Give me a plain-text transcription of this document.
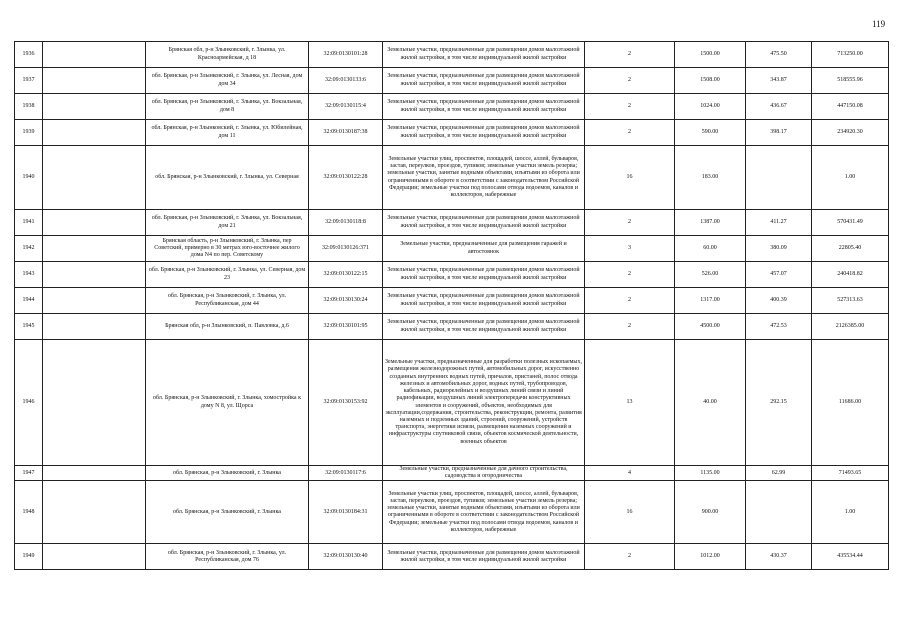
119
1936		Брянская обл, р-н Злынковский, г. Злынка, ул. Красноармейская, д 18	32:09:0130101:28	Земельные участки, предназначенные для размещения домов малоэтажной жилой застройки, в том числе индивидуальной жилой застройки	2	1500.00	475.50	713250.00
1937		обл. Брянская, р-н Злынковский, г. Злынка, ул. Лесная, дом дом 34	32:09:0130133:6	Земельные участки, предназначенные для размещения домов малоэтажной жилой застройки, в том числе индивидуальной жилой застройки	2	1508.00	343.87	518555.96
1938		обл. Брянская, р-н Злынковский, г. Злынка, ул. Вокзальная, дом 8	32:09:0130115:4	Земельные участки, предназначенные для размещения домов малоэтажной жилой застройки, в том числе индивидуальной жилой застройки	2	1024.00	436.67	447150.08
1939		обл. Брянская, р-н Злынковский, г. Злынка, ул. Юбилейная, дом 11	32:09:0130187:38	Земельные участки, предназначенные для размещения домов малоэтажной жилой застройки, в том числе индивидуальной жилой застройки	2	590.00	398.17	234920.30
1940		обл. Брянская, р-н Злынковский, г. Злынка, ул. Северная	32:09:0130122:28	Земельные участки улиц, проспектов, площадей, шоссе, аллей, бульваров, застав, переулков, проездов, тупиков; земельные участки земель резерва; земельные участки, занятые водными объектами, изъятыми из оборота или ограниченными в обороте в соответствии с законодательством Российской Федерации; земельные участки под полосами отвода водоемов, каналов и коллекторов, набережные	16	183.00		1.00
1941		обл. Брянская, р-н Злынковский, г. Злынка, ул. Вокзальная, дом 21	32:09:0130118:8	Земельные участки, предназначенные для размещения домов малоэтажной жилой застройки, в том числе индивидуальной жилой застройки	2	1387.00	411.27	570431.49
1942		Брянская область, р-н Злынковский, г. Злынка, пер Советский, примерно в 30 метрах юго-восточнее жилого дома N4 по пер. Советскому	32:09:0130126:371	Земельные участки, предназначенные для размещения гаражей и автостоянок	3	60.00	380.09	22805.40
1943		обл. Брянская, р-н Злынковский, г. Злынка, ул. Северная, дом 23	32:09:0130122:15	Земельные участки, предназначенные для размещения домов малоэтажной жилой застройки, в том числе индивидуальной жилой застройки	2	526.00	457.07	240418.82
1944		обл. Брянская, р-н Злынковский, г. Злынка, ул. Республиканская, дом 44	32:09:0130130:24	Земельные участки, предназначенные для размещения домов малоэтажной жилой застройки, в том числе индивидуальной жилой застройки	2	1317.00	400.39	527313.63
1945		Брянская обл, р-н Злынковский, п. Павловка, д.6	32:09:0130101:95	Земельные участки, предназначенные для размещения домов малоэтажной жилой застройки, в том числе индивидуальной жилой застройки	2	4500.00	472.53	2126385.00
1946		обл. Брянская, р-н Злынковский, г. Злынка, хомостройка к дому N 8, ул. Щорса	32:09:0130153:92	Земельные участки, предназначенные для разработки полезных ископаемых, размещения железнодорожных путей, автомобильных дорог, искусственно созданных внутренних водных путей, причалов, пристаней, полос отвода железных и автомобильных дорог, водных путей, трубопроводов, кабельных, радиорелейных и воздушных линий связи и линий радиофикации, воздушных линий электропередачи конструктивных элементов и сооружений, объектов, необходимых для эксплуатации,содержания, строительства, реконструкции, ремонта, развития наземных и подземных зданий, строений, сооружений, устройств транспорта, энергетики исвязи, размещения наземных сооружений и инфраструктуры спутниковой связи, объектов космической деятельности, военных объектов	13	40.00	292.15	11686.00
1947		обл. Брянская, р-н Злынковский, г. Злынка	32:09:0130117:6	Земельные участки, предназначенные для дачного строительства, садоводства и огородничества	4	1135.00	62.99	71493.65
1948		обл. Брянская, р-н Злынковский, г. Злынка	32:09:0130184:31	Земельные участки улиц, проспектов, площадей, шоссе, аллей, бульваров, застав, переулков, проездов, тупиков; земельные участки земель резерва; земельные участки, занятые водными объектами, изъятыми из оборота или ограниченными в обороте в соответствии с законодательством Российской Федерации; земельные участки под полосами отвода водоемов, каналов и коллекторов, набережные	16	900.00		1.00
1949		обл. Брянская, р-н Злынковский, г. Злынка, ул. Республиканская, дом 76	32:09:0130130:40	Земельные участки, предназначенные для размещения домов малоэтажной жилой застройки, в том числе индивидуальной жилой застройки	2	1012.00	430.37	435534.44
